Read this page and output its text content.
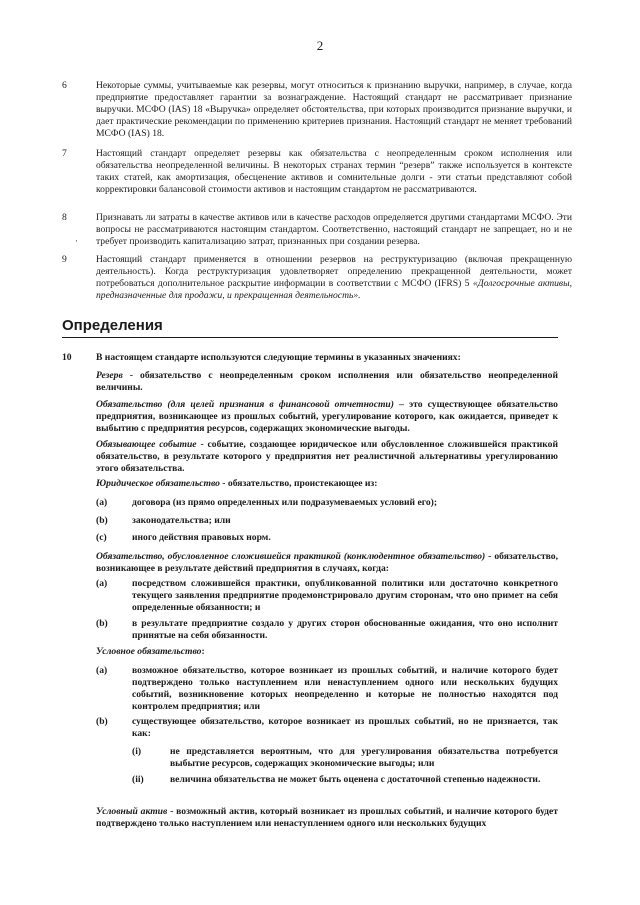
2
6	Некоторые суммы, учитываемые как резервы, могут относиться к признанию выручки, например, в случае, когда предприятие предоставляет гарантии за вознаграждение. Настоящий стандарт не рассматривает признание выручки. МСФО (IAS) 18 «Выручка» определяет обстоятельства, при которых производится признание выручки, и дает практические рекомендации по применению критериев признания. Настоящий стандарт не меняет требований МСФО (IAS) 18.
7	Настоящий стандарт определяет резервы как обязательства с неопределенным сроком исполнения или обязательства неопределенной величины. В некоторых странах термин “резерв” также используется в контексте таких статей, как амортизация, обесценение активов и сомнительные долги - эти статьи представляют собой корректировки балансовой стоимости активов и настоящим стандартом не рассматриваются.
8	Признавать ли затраты в качестве активов или в качестве расходов определяется другими стандартами МСФО. Эти вопросы не рассматриваются настоящим стандартом. Соответственно, настоящий стандарт не запрещает, но и не требует производить капитализацию затрат, признанных при создании резерва.
·
9	Настоящий стандарт применяется в отношении резервов на реструктуризацию (включая прекращенную деятельность). Когда реструктуризация удовлетворяет определению прекращенной деятельности, может потребоваться дополнительное раскрытие информации в соответствии с МСФО (IFRS) 5 «Долгосрочные активы, предназначенные для продажи, и прекращенная деятельность».
Определения
10	В настоящем стандарте используются следующие термины в указанных значениях:
Резерв - обязательство с неопределенным сроком исполнения или обязательство неопределенной величины.
Обязательство (для целей признания в финансовой отчетности) – это существующее обязательство предприятия, возникающее из прошлых событий, урегулирование которого, как ожидается, приведет к выбытию с предприятия ресурсов, содержащих экономические выгоды.
Обязывающее событие - событие, создающее юридическое или обусловленное сложившейся практикой обязательство, в результате которого у предприятия нет реалистичной альтернативы урегулированию этого обязательства.
Юридическое обязательство - обязательство, проистекающее из:
(a)	договора (из прямо определенных или подразумеваемых условий его);
(b)	законодательства; или
(c)	иного действия правовых норм.
Обязательство, обусловленное сложившейся практикой (конклюдентное обязательство) - обязательство, возникающее в результате действий предприятия в случаях, когда:
(a)	посредством сложившейся практики, опубликованной политики или достаточно конкретного текущего заявления предприятие продемонстрировало другим сторонам, что оно примет на себя определенные обязанности; и
(b)	в результате предприятие создало у других сторон обоснованные ожидания, что оно исполнит принятые на себя обязанности.
Условное обязательство:
(a)	возможное обязательство, которое возникает из прошлых событий, и наличие которого будет подтверждено только наступлением или ненаступлением одного или нескольких будущих событий, возникновение которых неопределенно и которые не полностью находятся под контролем предприятия; или
(b)	существующее обязательство, которое возникает из прошлых событий, но не признается, так как:
(i)	не представляется вероятным, что для урегулирования обязательства потребуется выбытие ресурсов, содержащих экономические выгоды; или
(ii)	величина обязательства не может быть оценена с достаточной степенью надежности.
Условный актив - возможный актив, который возникает из прошлых событий, и наличие которого будет подтверждено только наступлением или ненаступлением одного или нескольких будущих
